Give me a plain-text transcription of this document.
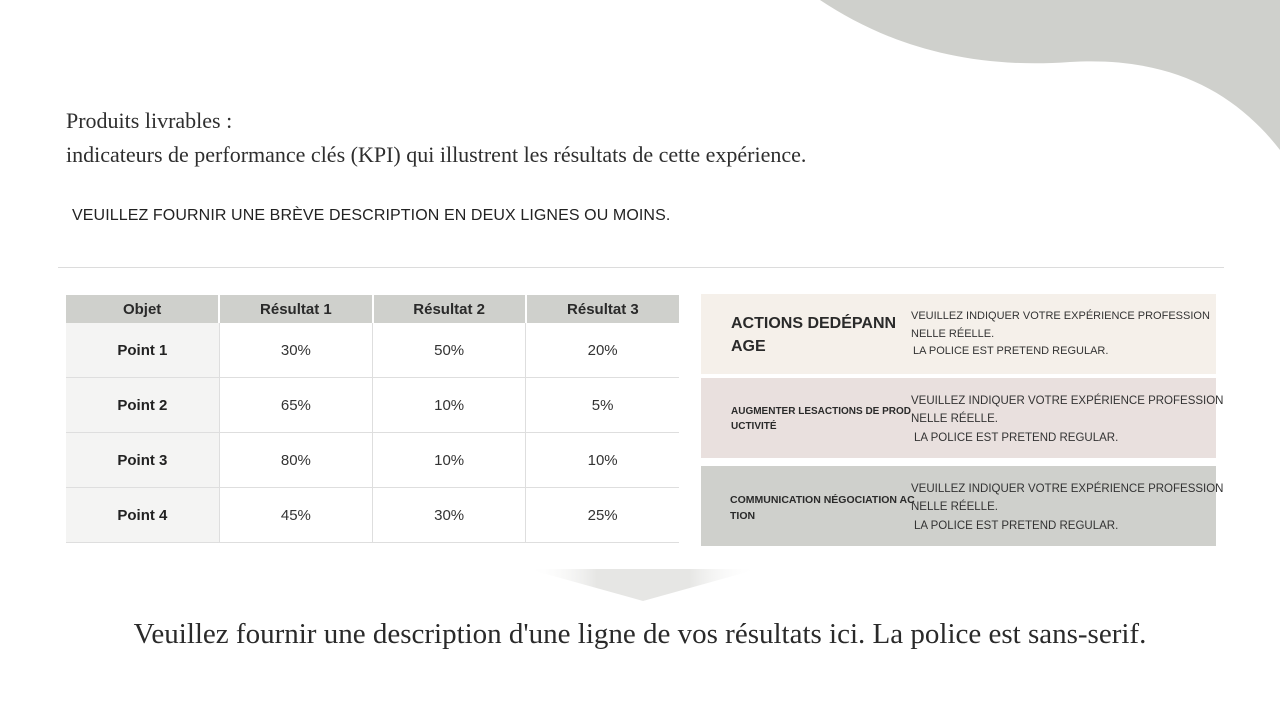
Produits livrables :
indicateurs de performance clés (KPI) qui illustrent les résultats de cette expérience.
VEUILLEZ FOURNIR UNE BRÈVE DESCRIPTION EN DEUX LIGNES OU MOINS.
Objet	Résultat 1	Résultat 2	Résultat 3
Point 1	30%	50%	20%
Point 2	65%	10%	5%
Point 3	80%	10%	10%
Point 4	45%	30%	25%
ACTIONS DEDÉPANNAGE
VEUILLEZ INDIQUER VOTRE EXPÉRIENCE PROFESSIONNELLE RÉELLE.
LA POLICE EST PRETEND REGULAR.
AUGMENTER LESACTIONS DE PRODUCTIVITÉ
VEUILLEZ INDIQUER VOTRE EXPÉRIENCE PROFESSIONNELLE RÉELLE.
LA POLICE EST PRETEND REGULAR.
COMMUNICATION NÉGOCIATION ACTION
VEUILLEZ INDIQUER VOTRE EXPÉRIENCE PROFESSIONNELLE RÉELLE.
LA POLICE EST PRETEND REGULAR.
Veuillez fournir une description d'une ligne de vos résultats ici. La police est sans-serif.
